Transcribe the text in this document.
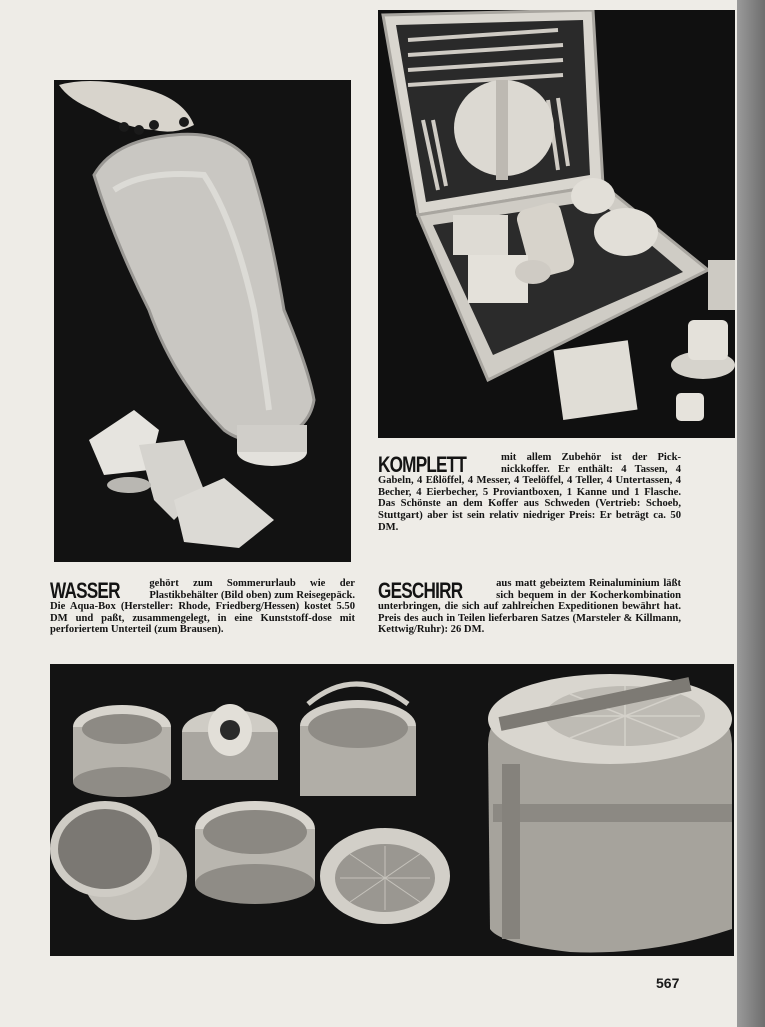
KOMPLETT	mit allem Zubehör ist der Pick-nickkoffer. Er enthält: 4 Tassen, 4 Gabeln, 4 Eßlöffel, 4 Messer, 4 Teelöffel, 4 Teller, 4 Untertassen, 4 Becher, 4 Eierbecher, 5 Proviantboxen, 1 Kanne und 1 Flasche. Das Schönste an dem Koffer aus Schweden (Vertrieb: Schoeb, Stuttgart) aber ist sein relativ niedriger Preis: Er beträgt ca. 50 DM.
WASSER	gehört zum Sommerurlaub wie der Plastikbehälter (Bild oben) zum Reisegepäck. Die Aqua-Box (Hersteller: Rhode, Friedberg/Hessen) kostet 5.50 DM und paßt, zusammengelegt, in eine Kunststoff-dose mit perforiertem Unterteil (zum Brausen).
GESCHIRR	aus matt gebeiztem Reinaluminium läßt sich bequem in der Kocherkombination unterbringen, die sich auf zahlreichen Expeditionen bewährt hat. Preis des auch in Teilen lieferbaren Satzes (Marsteler & Killmann, Kettwig/Ruhr): 26 DM.
567
